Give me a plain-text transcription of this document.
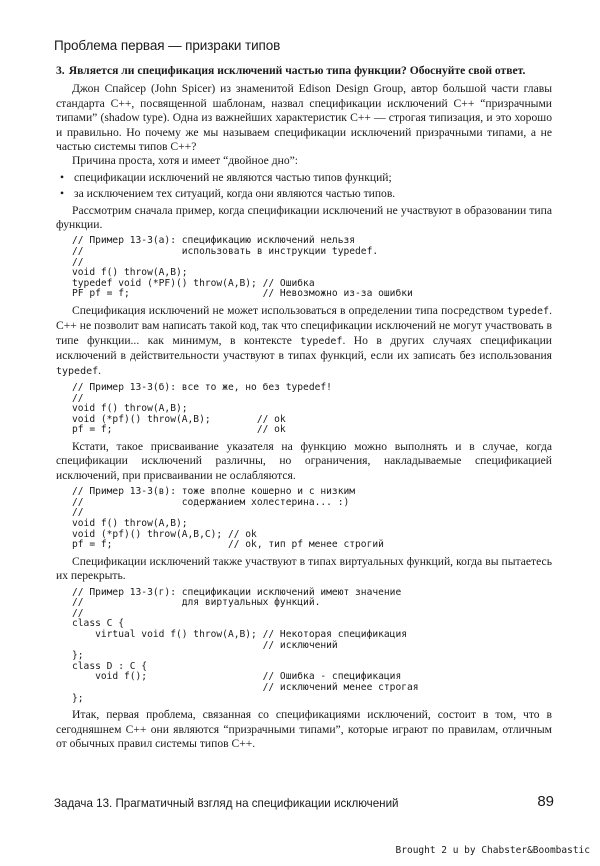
Проблема первая — призраки типов
3. Является ли спецификация исключений частью типа функции? Обоснуйте свой ответ.

Джон Спайсер (John Spicer) из знаменитой Edison Design Group, автор большой части главы стандарта C++, посвященной шаблонам, назвал спецификации исключений C++ “призрачными типами” (shadow type). Одна из важнейших характеристик C++ — строгая типизация, и это хорошо и правильно. Но почему же мы называем спецификации исключений призрачными типами, а не частью системы типов C++?

Причина проста, хотя и имеет “двойное дно”:

• спецификации исключений не являются частью типов функций;
• за исключением тех ситуаций, когда они являются частью типов.

Рассмотрим сначала пример, когда спецификации исключений не участвуют в образовании типа функции.

// Пример 13-3(а): спецификацию исключений нельзя
//                 использовать в инструкции typedef.
//
void f() throw(A,B);
typedef void (*PF)() throw(A,B); // Ошибка
PF pf = f;                       // Невозможно из-за ошибки

Спецификация исключений не может использоваться в определении типа посредством typedef. C++ не позволит вам написать такой код, так что спецификации исключений не могут участвовать в типе функции... как минимум, в контексте typedef. Но в других случаях спецификации исключений в действительности участвуют в типах функций, если их записать без использования typedef.

// Пример 13-3(б): все то же, но без typedef!
//
void f() throw(A,B);
void (*pf)() throw(A,B);        // ok
pf = f;                         // ok

Кстати, такое присваивание указателя на функцию можно выполнять и в случае, когда спецификации исключений различны, но ограничения, накладываемые спецификацией исключений, при присваивании не ослабляются.

// Пример 13-3(в): тоже вполне кошерно и с низким
//                 содержанием холестерина... :)
//
void f() throw(A,B);
void (*pf)() throw(A,B,C); // ok
pf = f;                    // ok, тип pf менее строгий

Спецификации исключений также участвуют в типах виртуальных функций, когда вы пытаетесь их перекрыть.

// Пример 13-3(г): спецификации исключений имеют значение
//                 для виртуальных функций.
//
class C {
virtual void f() throw(A,B); // Некоторая спецификация
// исключений
};
class D : C {
void f();                    // Ошибка - спецификация
// исключений менее строгая
};

Итак, первая проблема, связанная со спецификациями исключений, состоит в том, что в сегодняшнем C++ они являются “призрачными типами”, которые играют по правилам, отличным от обычных правил системы типов C++.

Задача 13. Прагматичный взгляд на спецификации исключений	89
Brought 2 u by Chabster&Boombastic
